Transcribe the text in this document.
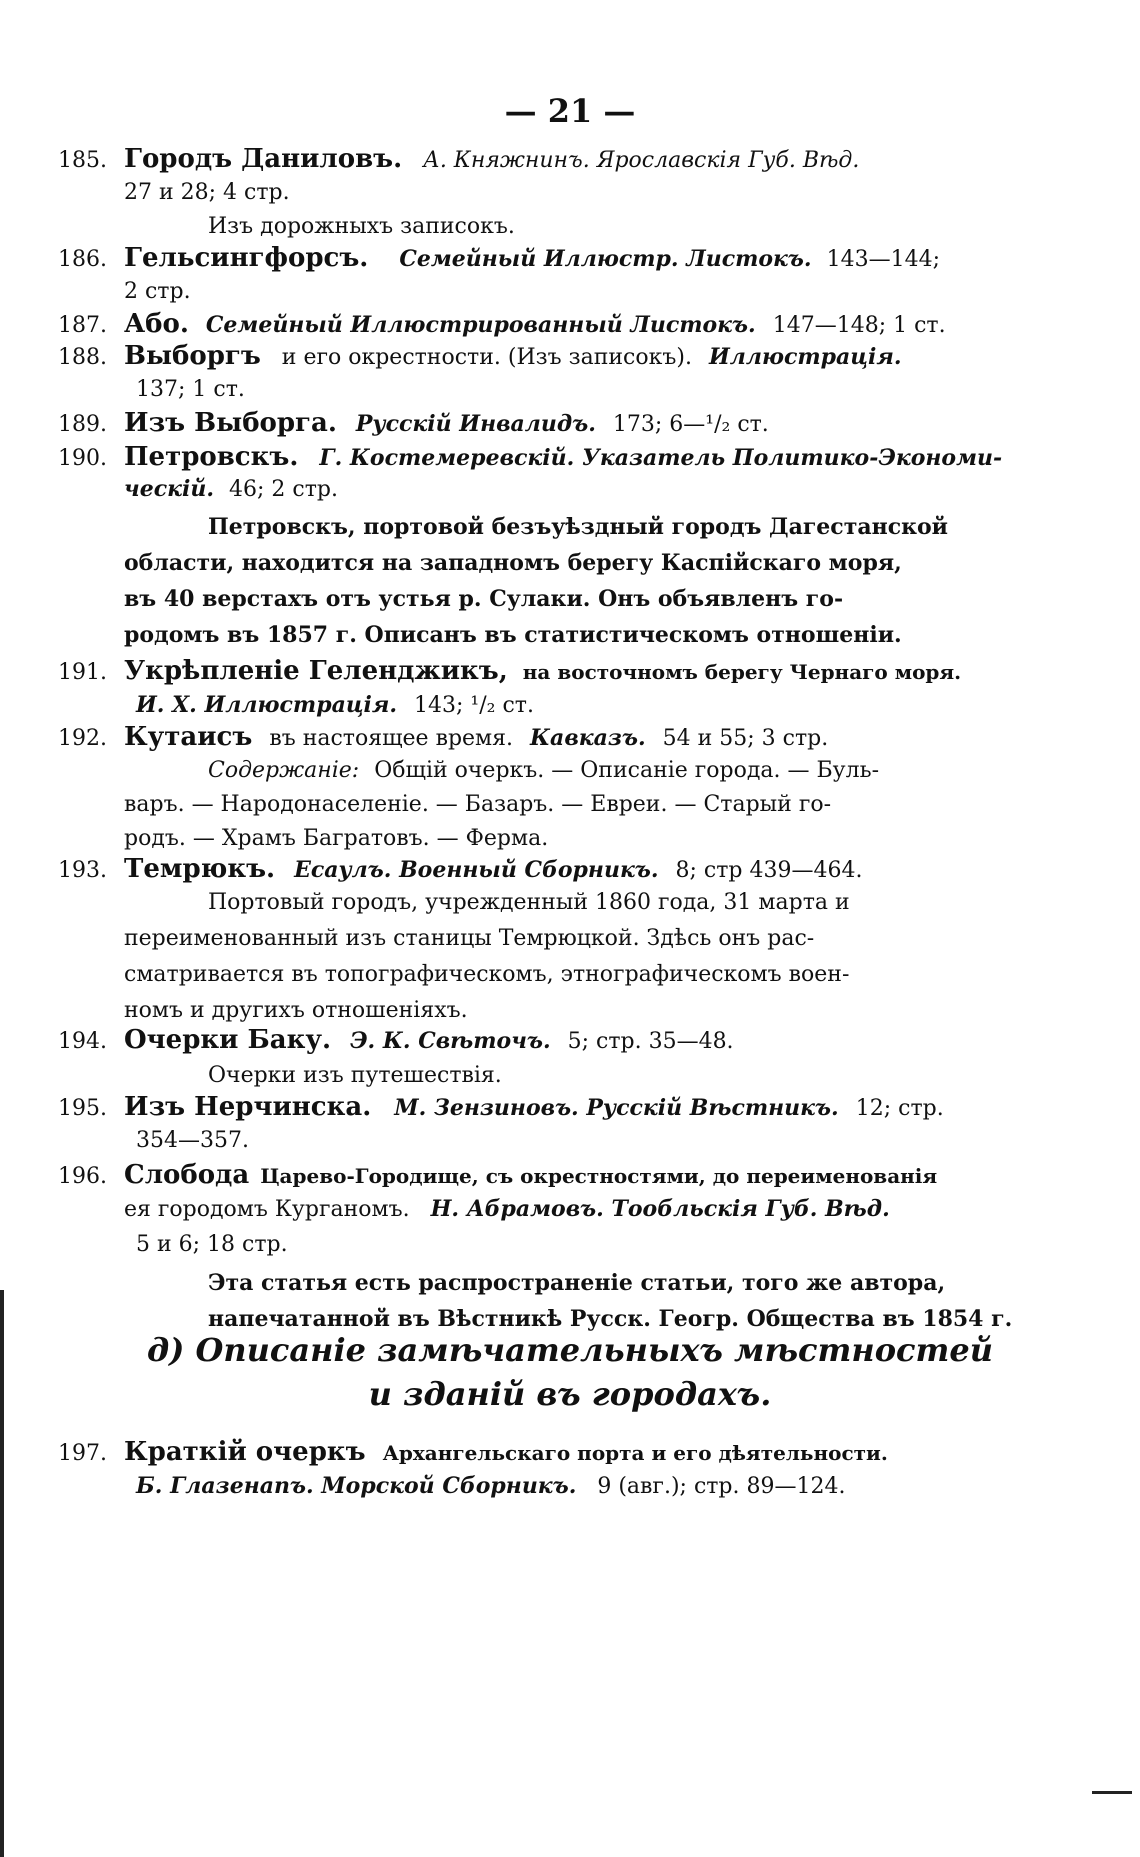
— 21 —
185. Городъ Даниловъ. А. Княжнинъ. Ярославскія Губ. Вѣд.
27 и 28; 4 стр.
Изъ дорожныхъ записокъ.
186. Гельсингфорсъ. Семейный Иллюстр. Листокъ. 143—144;
2 стр.
187. Або. Семейный Иллюстрированный Листокъ. 147—148; 1 ст.
188. Выборгъ и его окрестности. (Изъ записокъ). Иллюстрація.
137; 1 ст.
189. Изъ Выборга. Русскій Инвалидъ. 173; 6—¹/₂ ст.
190. Петровскъ. Г. Костемеревскій. Указатель Политико-Экономи-
ческій. 46; 2 стр.
Петровскъ, портовой безъуѣздный городъ Дагестанской
области, находится на западномъ берегу Каспійскаго моря,
въ 40 верстахъ отъ устья р. Сулаки. Онъ объявленъ го-
родомъ въ 1857 г. Описанъ въ статистическомъ отношеніи.
191. Укрѣпленіе Геленджикъ, на восточномъ берегу Чернаго моря.
И. Х. Иллюстрація. 143; ¹/₂ ст.
192. Кутаисъ въ настоящее время. Кавказъ. 54 и 55; 3 стр.
Содержаніе: Общій очеркъ. — Описаніе города. — Буль-
варъ. — Народонаселеніе. — Базаръ. — Евреи. — Старый го-
родъ. — Храмъ Багратовъ. — Ферма.
193. Темрюкъ. Есаулъ. Военный Сборникъ. 8; стр 439—464.
Портовый городъ, учрежденный 1860 года, 31 марта и
переименованный изъ станицы Темрюцкой. Здѣсь онъ рас-
сматривается въ топографическомъ, этнографическомъ воен-
номъ и другихъ отношеніяхъ.
194. Очерки Баку. Э. К. Свѣточъ. 5; стр. 35—48.
Очерки изъ путешествія.
195. Изъ Нерчинска. М. Зензиновъ. Русскій Вѣстникъ. 12; стр.
354—357.
196. Слобода Царево-Городище, съ окрестностями, до переименованія
ея городомъ Курганомъ. Н. Абрамовъ. Тообльскія Губ. Вѣд.
5 и 6; 18 стр.
Эта статья есть распространеніе статьи, того же автора,
напечатанной въ Вѣстникѣ Русск. Геогр. Общества въ 1854 г.
д) Описаніе замѣчательныхъ мѣстностей
и зданій въ городахъ.
197. Краткій очеркъ Архангельскаго порта и его дѣятельности.
Б. Глазенапъ. Морской Сборникъ. 9 (авг.); стр. 89—124.
